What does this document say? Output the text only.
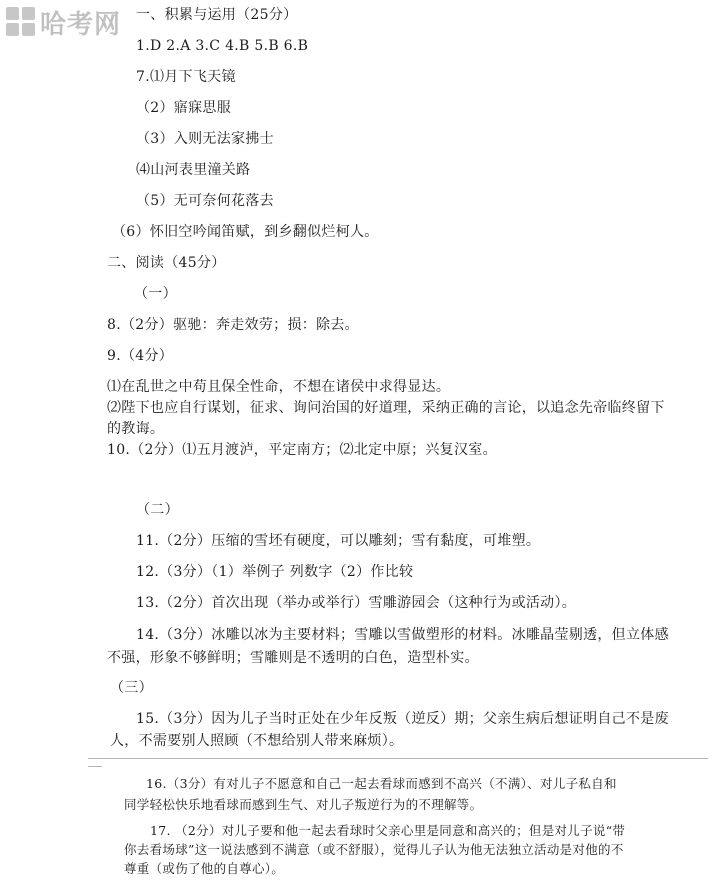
哈考网 一、积累与运用（25分）
1.D 2.A 3.C 4.B 5.B 6.B
7.⑴月下飞天镜
（2）寤寐思服
（3）入则无法家拂士
⑷山河表里潼关路
（5）无可奈何花落去
（6）怀旧空吟闻笛赋，到乡翻似烂柯人。
二、阅读（45分）
（一）
8.（2分）驱驰：奔走效劳；损：除去。
9.（4分）
⑴在乱世之中苟且保全性命，不想在诸侯中求得显达。
⑵陛下也应自行谋划，征求、询问治国的好道理，采纳正确的言论，以追念先帝临终留下
的教诲。
10.（2分）⑴五月渡泸，平定南方；⑵北定中原；兴复汉室。
（二）
11.（2分）压缩的雪坯有硬度，可以雕刻；雪有黏度，可堆塑。
12.（3分）（1）举例子 列数字（2）作比较
13.（2分）首次出现（举办或举行）雪雕游园会（这种行为或活动）。
14.（3分）冰雕以冰为主要材料；雪雕以雪做塑形的材料。冰雕晶莹剔透，但立体感
不强，形象不够鲜明；雪雕则是不透明的白色，造型朴实。
（三）
15.（3分）因为儿子当时正处在少年反叛（逆反）期；父亲生病后想证明自己不是废
人，不需要别人照顾（不想给别人带来麻烦）。
16.（3分）有对儿子不愿意和自己一起去看球而感到不高兴（不满）、对儿子私自和
同学轻松快乐地看球而感到生气、对儿子叛逆行为的不理解等。
17. （2分）对儿子要和他一起去看球时父亲心里是同意和高兴的；但是对儿子说“带
你去看场球”这一说法感到不满意（或不舒服），觉得儿子认为他无法独立活动是对他的不
尊重（或伤了他的自尊心）。
